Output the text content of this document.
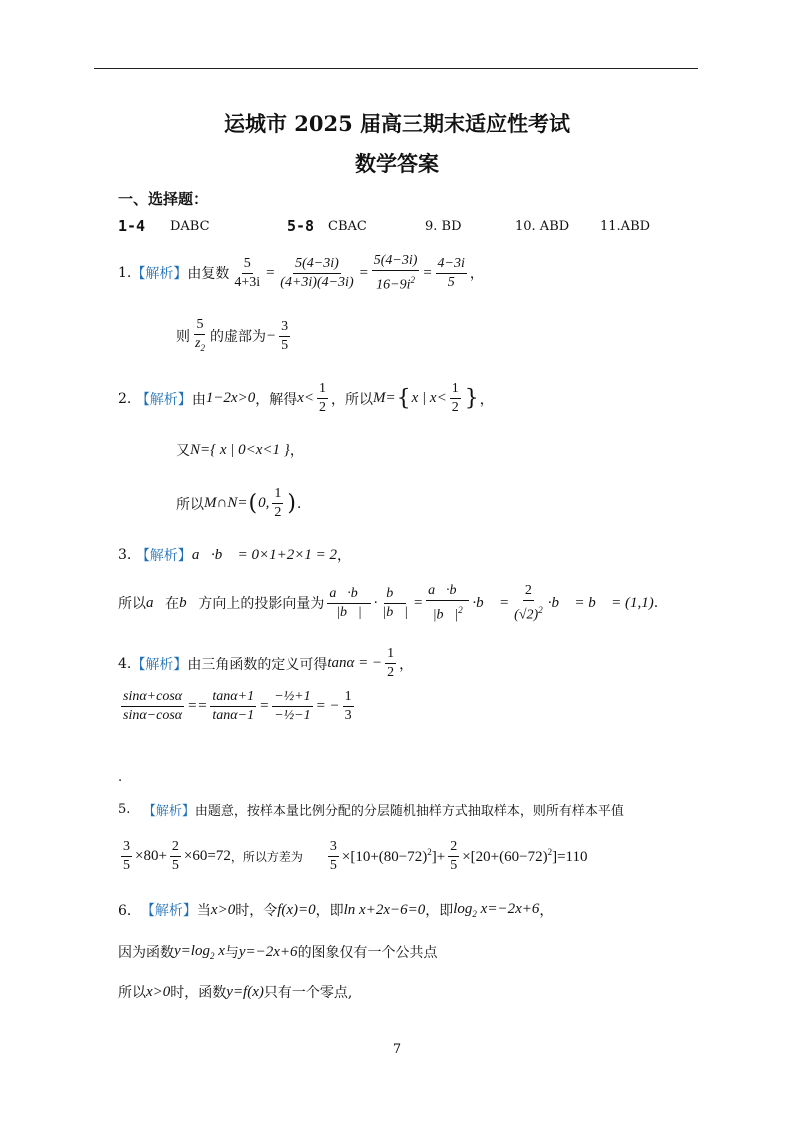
运城市 2025 届高三期末适应性考试
数学答案
一、选择题：
1-4 DABC	5-8 CBAC	9. BD	10. ABD 11.ABD
1. 【解析】 由复数 $\frac{5}{4+3i} = \frac{5(4-3i)}{(4+3i)(4-3i)} = \frac{5(4-3i)}{16-9i^2} = \frac{4-3i}{5}$ ，
则 $\frac{5}{z_2}$ 的虚部为 − $\frac{3}{5}$
2.
【解析】 由 1−2x>0 ，解得 $x< \frac{1}{2}$ ，所以 M= { x | $x< \frac{1}{2}$ } ，
又 N={ x | 0<x<1 } ，
所以 M∩N= ( 0, $\frac{1}{2}$ ) .
3.
【解析】 a⃗·b⃗ = 0×1+2×1 = 2 ，
所以 a⃗ 在 b⃗ 方向上的投影向量为 $\frac{a⃗\cdot b⃗}{|b⃗|} \cdot \frac{b⃗}{|b⃗|} = \frac{a⃗\cdot b⃗}{|b⃗|^2}$ ·b⃗ = $\frac{2}{(√2)^2}$ ·b⃗ = b⃗ = (1,1) .
4. 【解析】 由三角函数的定义可得 tanα = − $\frac{1}{2}$ ，
$\frac{\sin\alpha+\cos\alpha}{\sin\alpha-\cos\alpha} == \frac{\tan\alpha+1}{\tan\alpha-1} = \frac{\text{−½+1}}{\text{−½−1}}$ = − $\frac{1}{3}$
.
5.
【解析】 由题意，按样本量比例分配的分层随机抽样方式抽取样本，则所有样本平值
$\frac{3}{5} \times 80+ \frac{2}{5} \times 60=72$ ，所以方差为 $\frac{3}{5} \times[10+(80-72)^2]+ \frac{2}{5} \times[20+(60-72)^2]=110$
6． 【解析】 当 x>0 时，令 f(x)=0 ，即 ln x+2x−6=0 ，即 $\log_2 x=-2x+6$ ，
因为函数 $y=\log_2$ x 与 y=−2x+6 的图象仅有一个公共点
所以 x>0 时，函数 y=f(x) 只有一个零点,
7
